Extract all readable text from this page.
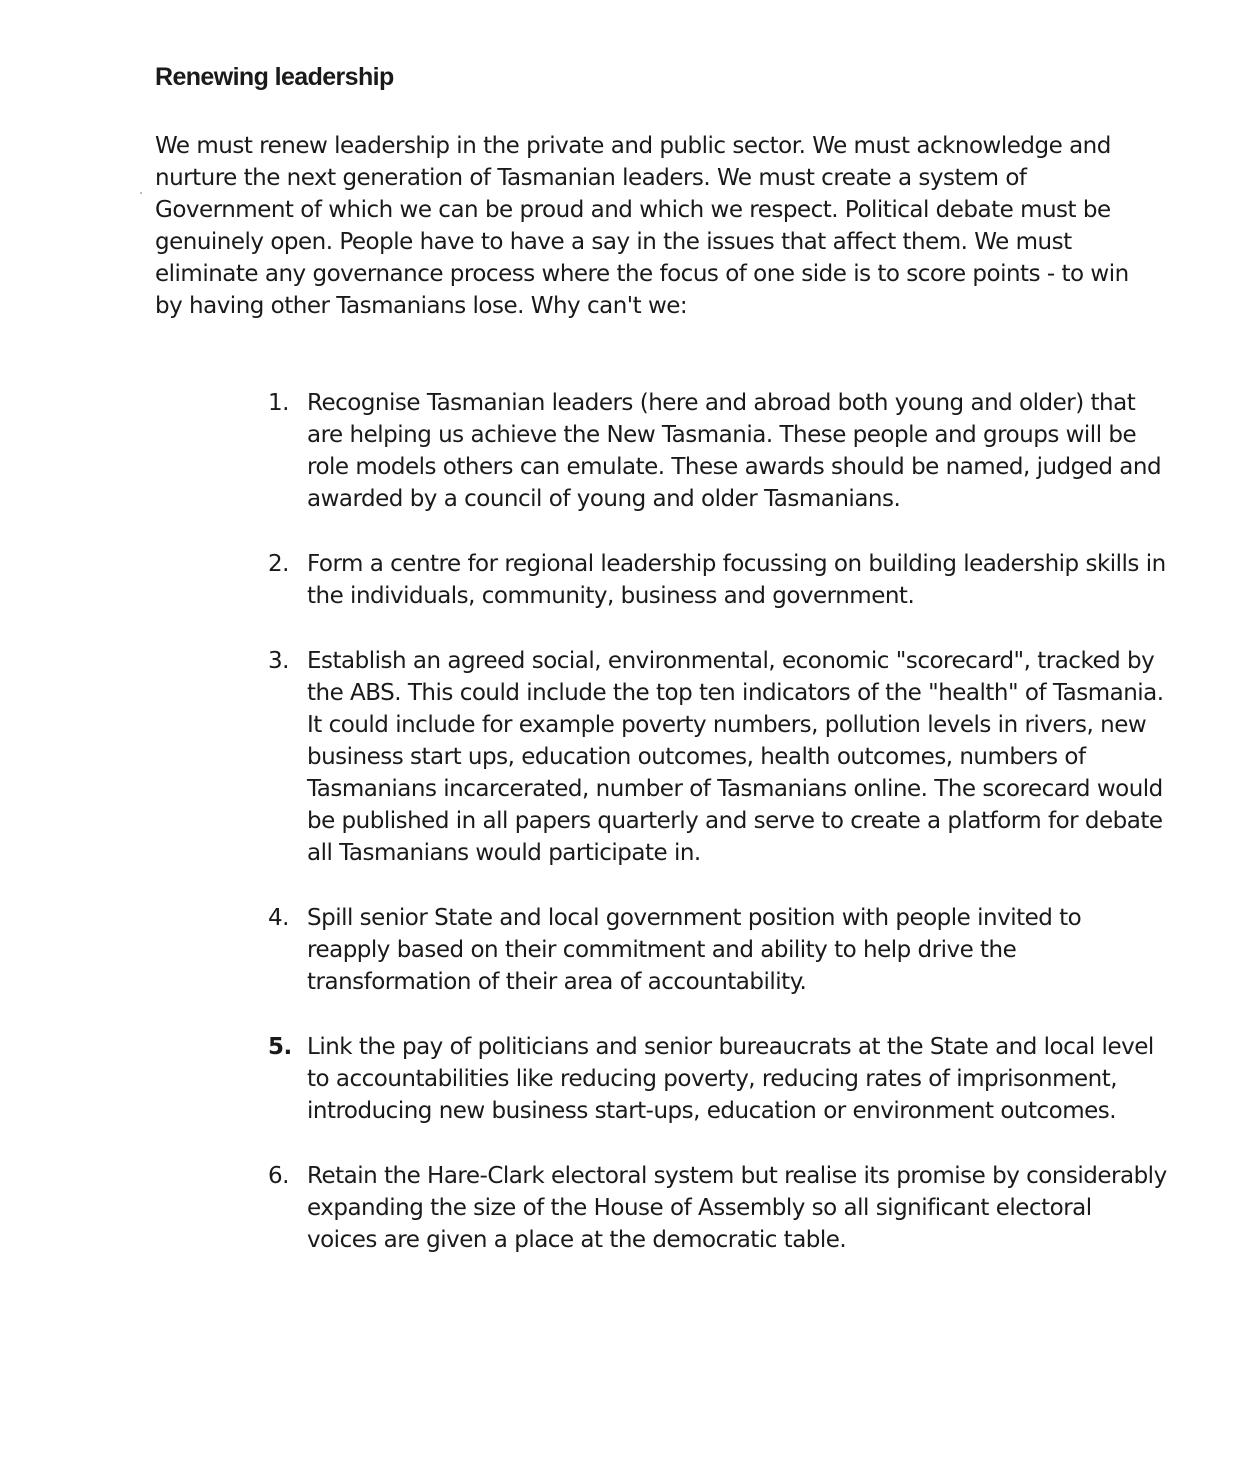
Renewing leadership

We must renew leadership in the private and public sector. We must acknowledge and nurture the next generation of Tasmanian leaders. We must create a system of Government of which we can be proud and which we respect. Political debate must be genuinely open. People have to have a say in the issues that affect them. We must eliminate any governance process where the focus of one side is to score points - to win by having other Tasmanians lose. Why can't we:

1. Recognise Tasmanian leaders (here and abroad both young and older) that are helping us achieve the New Tasmania. These people and groups will be role models others can emulate. These awards should be named, judged and awarded by a council of young and older Tasmanians.
2. Form a centre for regional leadership focussing on building leadership skills in the individuals, community, business and government.
3. Establish an agreed social, environmental, economic "scorecard", tracked by the ABS. This could include the top ten indicators of the "health" of Tasmania. It could include for example poverty numbers, pollution levels in rivers, new business start ups, education outcomes, health outcomes, numbers of Tasmanians incarcerated, number of Tasmanians online. The scorecard would be published in all papers quarterly and serve to create a platform for debate all Tasmanians would participate in.
4. Spill senior State and local government position with people invited to reapply based on their commitment and ability to help drive the transformation of their area of accountability.
5. Link the pay of politicians and senior bureaucrats at the State and local level to accountabilities like reducing poverty, reducing rates of imprisonment, introducing new business start-ups, education or environment outcomes.
6. Retain the Hare-Clark electoral system but realise its promise by considerably expanding the size of the House of Assembly so all significant electoral voices are given a place at the democratic table.
